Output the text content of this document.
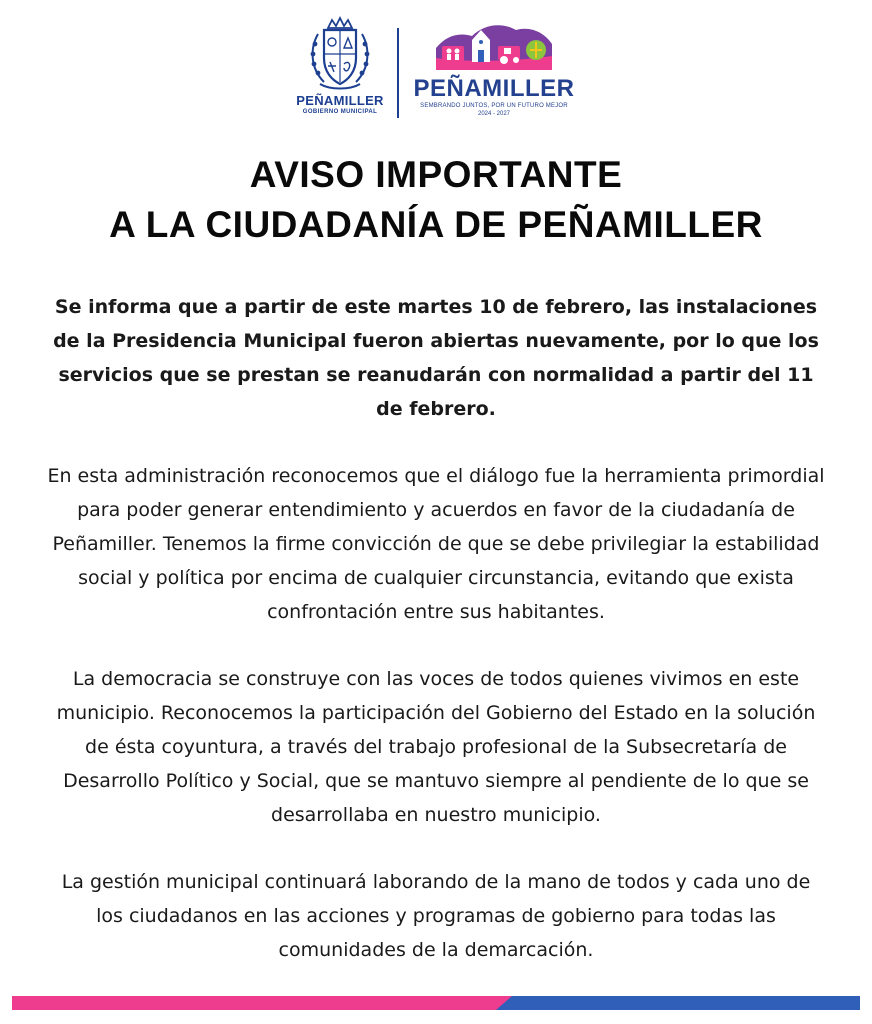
PEÑAMILLER
GOBIERNO MUNICIPAL
PEÑAMILLER
SEMBRANDO JUNTOS, POR UN FUTURO MEJOR
2024 - 2027
AVISO IMPORTANTE
A LA CIUDADANÍA DE PEÑAMILLER

Se informa que a partir de este martes 10 de febrero, las instalaciones de la Presidencia Municipal fueron abiertas nuevamente, por lo que los servicios que se prestan se reanudarán con normalidad a partir del 11 de febrero.

En esta administración reconocemos que el diálogo fue la herramienta primordial para poder generar entendimiento y acuerdos en favor de la ciudadanía de Peñamiller. Tenemos la firme convicción de que se debe privilegiar la estabilidad social y política por encima de cualquier circunstancia, evitando que exista confrontación entre sus habitantes.

La democracia se construye con las voces de todos quienes vivimos en este municipio. Reconocemos la participación del Gobierno del Estado en la solución de ésta coyuntura, a través del trabajo profesional de la Subsecretaría de Desarrollo Político y Social, que se mantuvo siempre al pendiente de lo que se desarrollaba en nuestro municipio.

La gestión municipal continuará laborando de la mano de todos y cada uno de los ciudadanos en las acciones y programas de gobierno para todas las comunidades de la demarcación.
